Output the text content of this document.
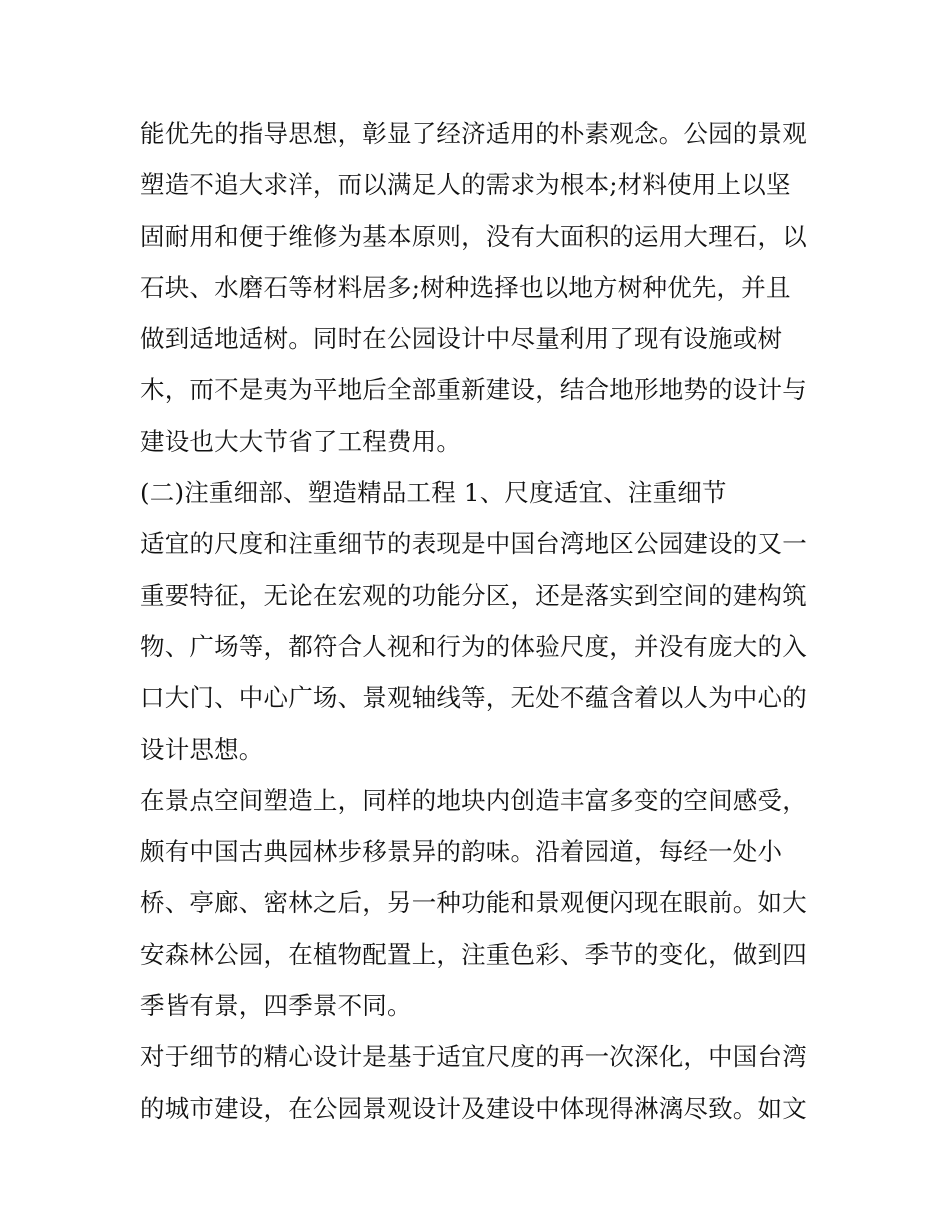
能优先的指导思想，彰显了经济适用的朴素观念。公园的景观
塑造不追大求洋，而以满足人的需求为根本;材料使用上以坚
固耐用和便于维修为基本原则，没有大面积的运用大理石，以
石块、水磨石等材料居多;树种选择也以地方树种优先，并且
做到适地适树。同时在公园设计中尽量利用了现有设施或树
木，而不是夷为平地后全部重新建设，结合地形地势的设计与
建设也大大节省了工程费用。
(二)注重细部、塑造精品工程 1、尺度适宜、注重细节
适宜的尺度和注重细节的表现是中国台湾地区公园建设的又一
重要特征，无论在宏观的功能分区，还是落实到空间的建构筑
物、广场等，都符合人视和行为的体验尺度，并没有庞大的入
口大门、中心广场、景观轴线等，无处不蕴含着以人为中心的
设计思想。
在景点空间塑造上，同样的地块内创造丰富多变的空间感受，
颇有中国古典园林步移景异的韵味。沿着园道，每经一处小
桥、亭廊、密林之后，另一种功能和景观便闪现在眼前。如大
安森林公园，在植物配置上，注重色彩、季节的变化，做到四
季皆有景，四季景不同。
对于细节的精心设计是基于适宜尺度的再一次深化，中国台湾
的城市建设，在公园景观设计及建设中体现得淋漓尽致。如文
